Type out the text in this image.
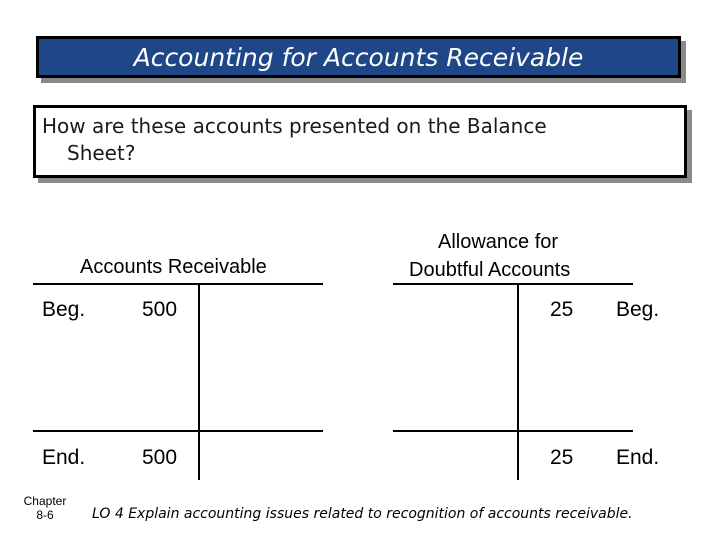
Accounting for Accounts Receivable
How are these accounts presented on the Balance
Sheet?
Accounts Receivable
Beg.	500
End.	500
Allowance for
Doubtful Accounts
25 Beg.
25 End.
Chapter
8-6	LO 4 Explain accounting issues related to recognition of accounts receivable.
